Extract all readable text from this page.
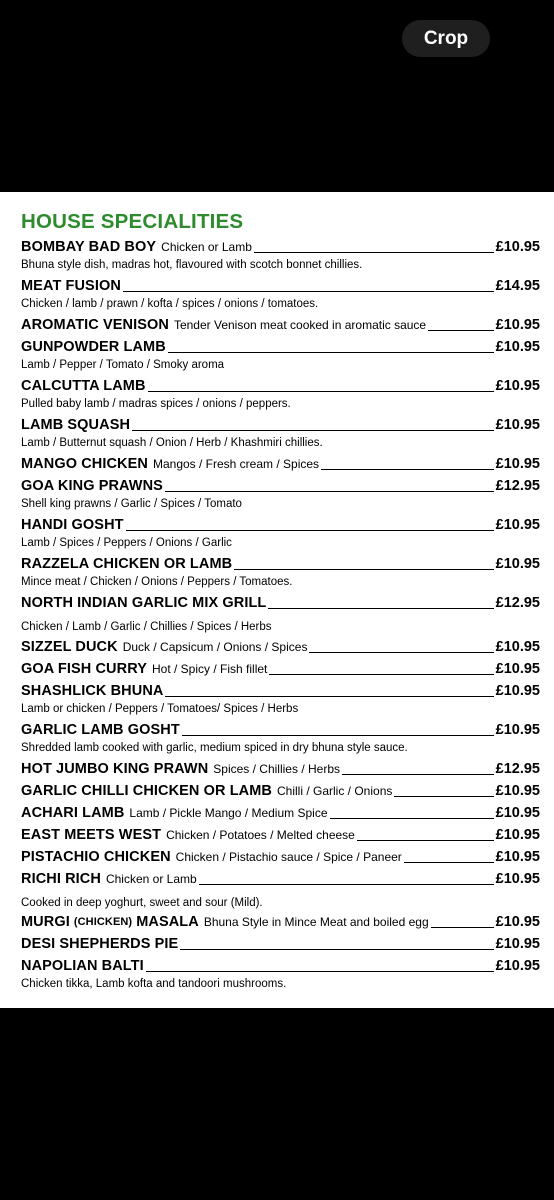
Crop
HOUSE SPECIALITIES
BOMBAY BAD BOY Chicken or Lamb	£10.95
Bhuna style dish, madras hot, flavoured with scotch bonnet chillies.
MEAT FUSION	£14.95
Chicken / lamb / prawn / kofta / spices / onions / tomatoes.
AROMATIC VENISON Tender Venison meat cooked in aromatic sauce	£10.95
GUNPOWDER LAMB	£10.95
Lamb / Pepper / Tomato / Smoky aroma
CALCUTTA LAMB	£10.95
Pulled baby lamb / madras spices / onions / peppers.
LAMB SQUASH	£10.95
Lamb / Butternut squash / Onion / Herb / Khashmiri chillies.
MANGO CHICKEN Mangos / Fresh cream / Spices	£10.95
GOA KING PRAWNS	£12.95
Shell king prawns / Garlic / Spices / Tomato
HANDI GOSHT	£10.95
Lamb / Spices / Peppers / Onions / Garlic
RAZZELA CHICKEN OR LAMB	£10.95
Mince meat / Chicken / Onions / Peppers / Tomatoes.
NORTH INDIAN GARLIC MIX GRILL	£12.95
Chicken / Lamb / Garlic / Chillies / Spices / Herbs
SIZZEL DUCK Duck / Capsicum / Onions / Spices	£10.95
GOA FISH CURRY Hot / Spicy / Fish fillet	£10.95
SHASHLICK BHUNA	£10.95
Lamb or chicken / Peppers / Tomatoes/ Spices / Herbs
GARLIC LAMB GOSHT	£10.95
Shredded lamb cooked with garlic, medium spiced in dry bhuna style sauce.
HOT JUMBO KING PRAWN Spices / Chillies / Herbs	£12.95
GARLIC CHILLI CHICKEN OR LAMB Chilli / Garlic / Onions	£10.95
ACHARI LAMB Lamb / Pickle Mango / Medium Spice	£10.95
EAST MEETS WEST Chicken / Potatoes / Melted cheese	£10.95
PISTACHIO CHICKEN Chicken / Pistachio sauce / Spice / Paneer	£10.95
RICHI RICH Chicken or Lamb	£10.95
Cooked in deep yoghurt, sweet and sour (Mild).
MURGI (CHICKEN) MASALA Bhuna Style in Mince Meat and boiled egg	£10.95
DESI SHEPHERDS PIE	£10.95
NAPOLIAN BALTI	£10.95
Chicken tikka, Lamb kofta and tandoori mushrooms.
